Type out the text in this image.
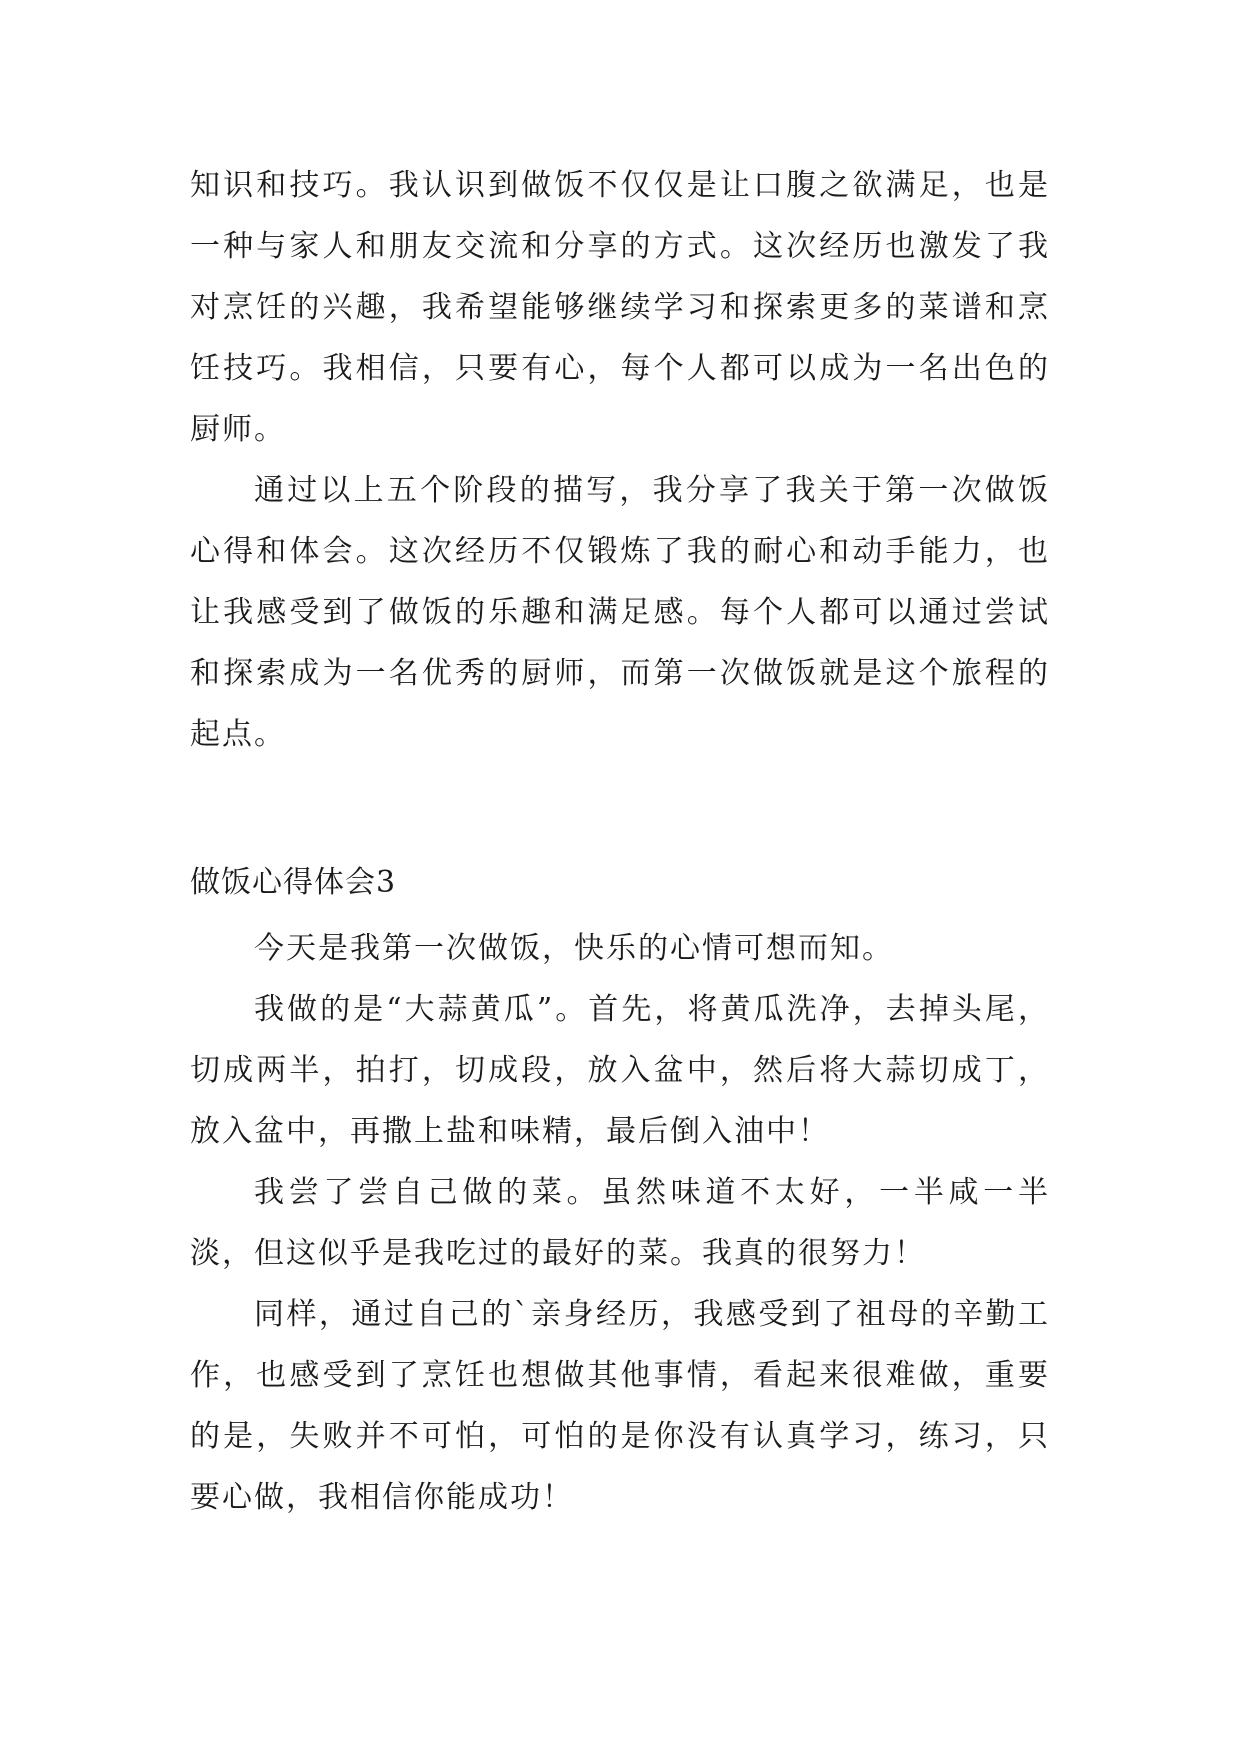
知识和技巧。我认识到做饭不仅仅是让口腹之欲满足，也是一种与家人和朋友交流和分享的方式。这次经历也激发了我对烹饪的兴趣，我希望能够继续学习和探索更多的菜谱和烹饪技巧。我相信，只要有心，每个人都可以成为一名出色的厨师。

通过以上五个阶段的描写，我分享了我关于第一次做饭心得和体会。这次经历不仅锻炼了我的耐心和动手能力，也让我感受到了做饭的乐趣和满足感。每个人都可以通过尝试和探索成为一名优秀的厨师，而第一次做饭就是这个旅程的起点。

做饭心得体会3

今天是我第一次做饭，快乐的心情可想而知。

我做的是“大蒜黄瓜”。首先，将黄瓜洗净，去掉头尾，切成两半，拍打，切成段，放入盆中，然后将大蒜切成丁，放入盆中，再撒上盐和味精，最后倒入油中！

我尝了尝自己做的菜。虽然味道不太好，一半咸一半淡，但这似乎是我吃过的最好的菜。我真的很努力！

同样，通过自己的`亲身经历，我感受到了祖母的辛勤工作，也感受到了烹饪也想做其他事情，看起来很难做，重要的是，失败并不可怕，可怕的是你没有认真学习，练习，只要心做，我相信你能成功！
